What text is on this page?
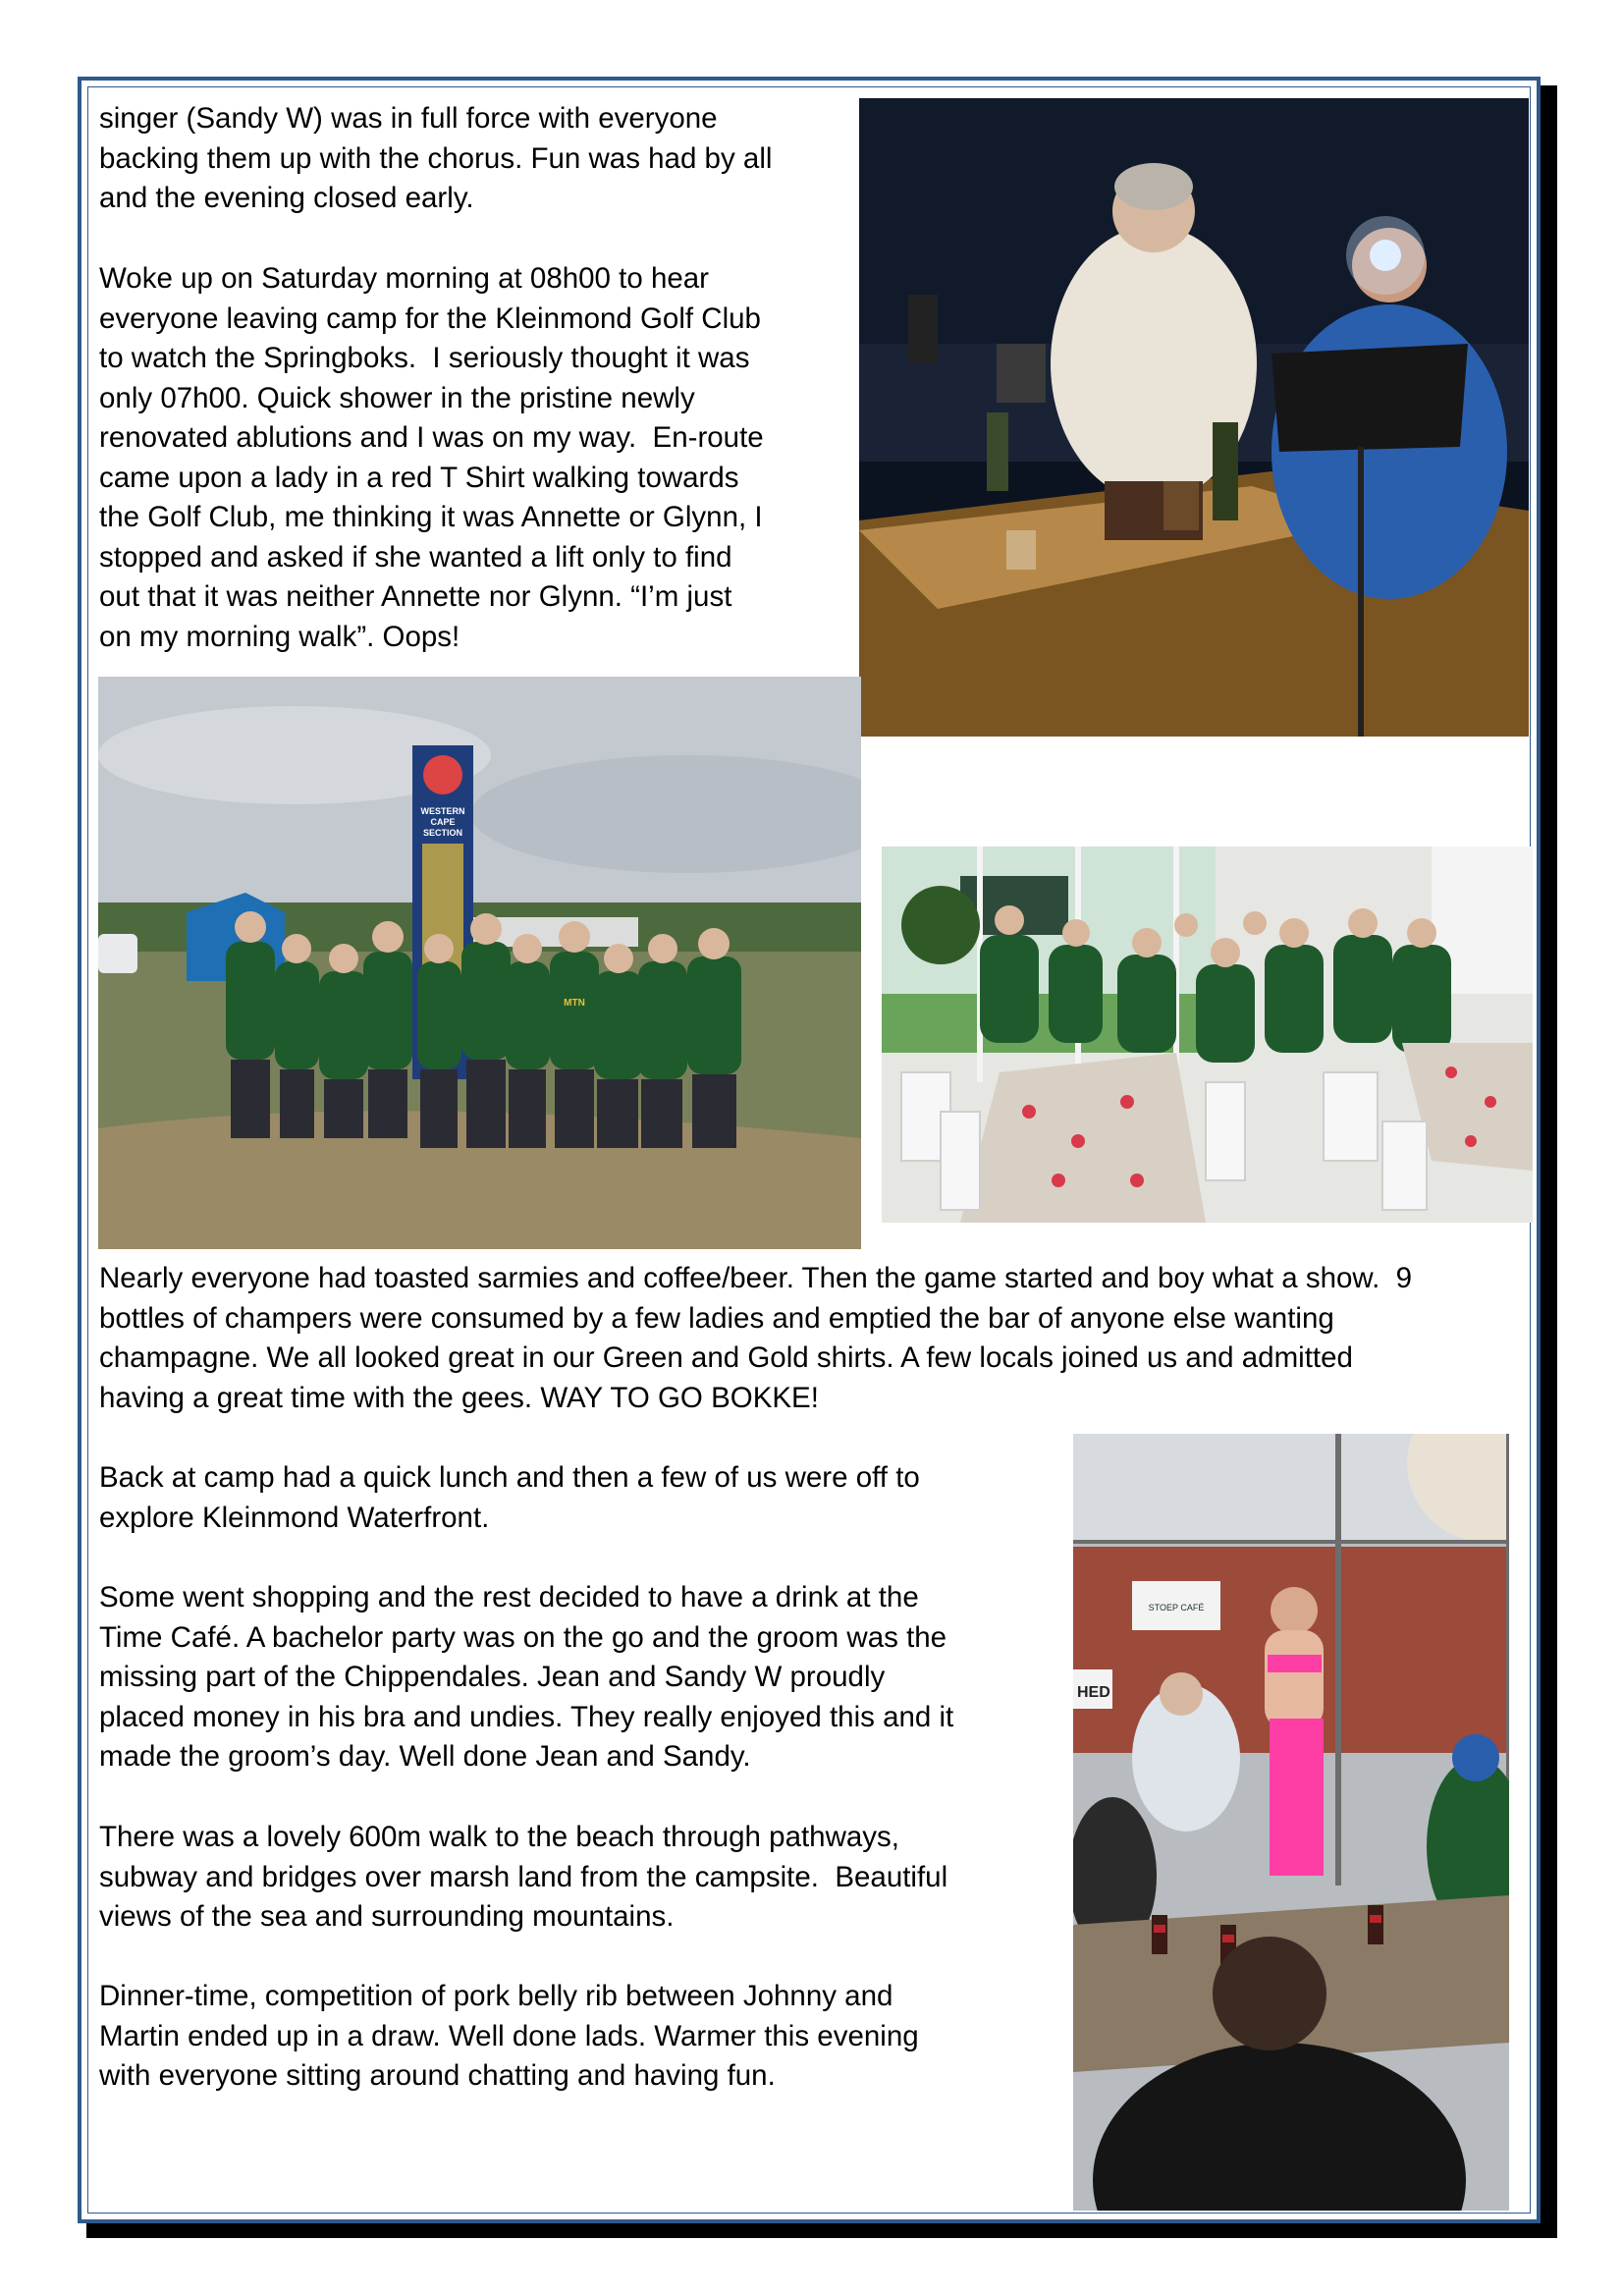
singer (Sandy W) was in full force with everyone
backing them up with the chorus. Fun was had by all
and the evening closed early.

Woke up on Saturday morning at 08h00 to hear
everyone leaving camp for the Kleinmond Golf Club
to watch the Springboks.  I seriously thought it was
only 07h00. Quick shower in the pristine newly
renovated ablutions and I was on my way.  En-route
came upon a lady in a red T Shirt walking towards
the Golf Club, me thinking it was Annette or Glynn, I
stopped and asked if she wanted a lift only to find
out that it was neither Annette nor Glynn. “I’m just
on my morning walk”. Oops!

Nearly everyone had toasted sarmies and coffee/beer. Then the game started and boy what a show.  9
bottles of champers were consumed by a few ladies and emptied the bar of anyone else wanting
champagne. We all looked great in our Green and Gold shirts. A few locals joined us and admitted
having a great time with the gees. WAY TO GO BOKKE!

Back at camp had a quick lunch and then a few of us were off to
explore Kleinmond Waterfront.

Some went shopping and the rest decided to have a drink at the
Time Café. A bachelor party was on the go and the groom was the
missing part of the Chippendales. Jean and Sandy W proudly
placed money in his bra and undies. They really enjoyed this and it
made the groom’s day. Well done Jean and Sandy.

There was a lovely 600m walk to the beach through pathways,
subway and bridges over marsh land from the campsite.  Beautiful
views of the sea and surrounding mountains.

Dinner-time, competition of pork belly rib between Johnny and
Martin ended up in a draw. Well done lads. Warmer this evening
with everyone sitting around chatting and having fun.

WESTERN
CAPE
SECTION
MTN
STOEP CAFÉ
HED
